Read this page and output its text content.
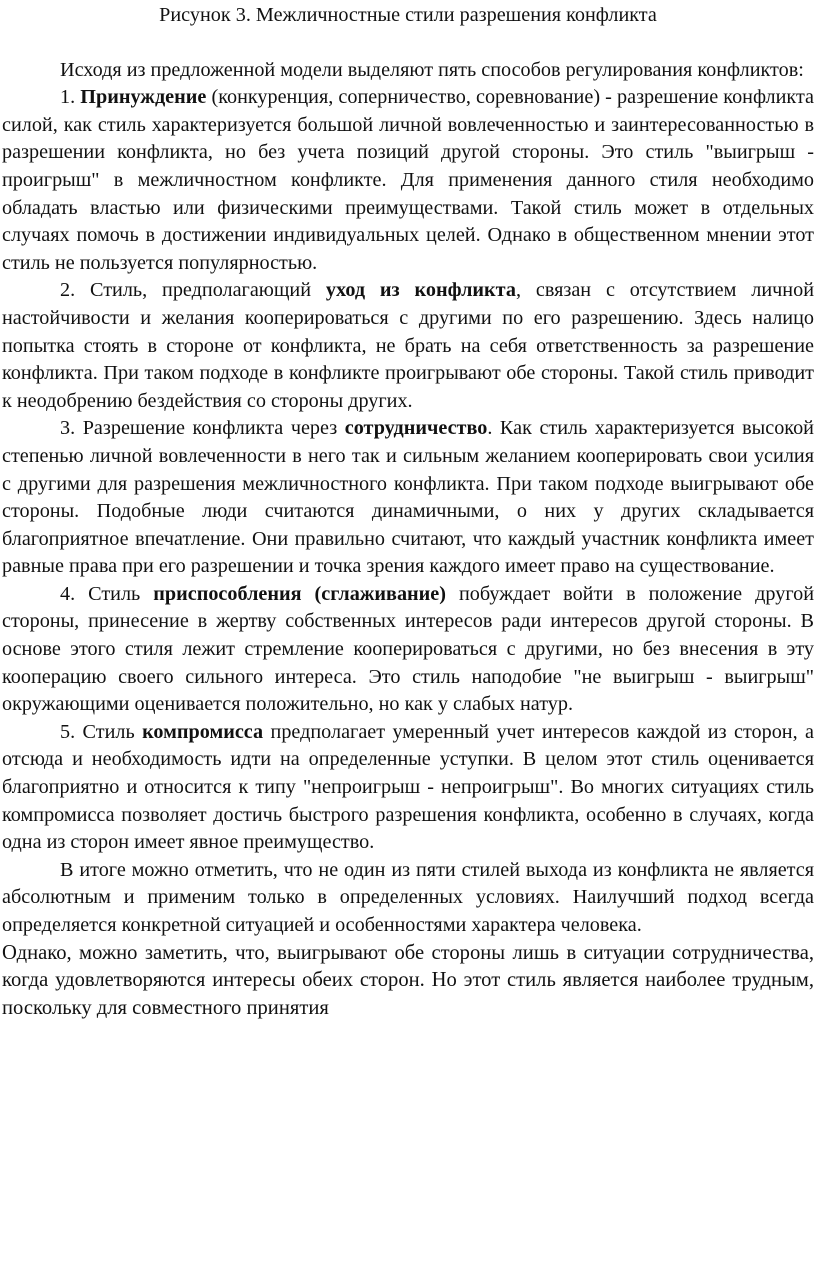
Рисунок 3. Межличностные стили разрешения конфликта

Исходя из предложенной модели выделяют пять способов регулирования конфликтов:

1. Принуждение (конкуренция, соперничество, соревнование) - разрешение конфликта силой, как стиль характеризуется большой личной вовлеченностью и заинтересованностью в разрешении конфликта, но без учета позиций другой стороны. Это стиль "выигрыш - проигрыш" в межличностном конфликте. Для применения данного стиля необходимо обладать властью или физическими преимуществами. Такой стиль может в отдельных случаях помочь в достижении индивидуальных целей. Однако в общественном мнении этот стиль не пользуется популярностью.

2. Стиль, предполагающий уход из конфликта, связан с отсутствием личной настойчивости и желания кооперироваться с другими по его разрешению. Здесь налицо попытка стоять в стороне от конфликта, не брать на себя ответственность за разрешение конфликта. При таком подходе в конфликте проигрывают обе стороны. Такой стиль приводит к неодобрению бездействия со стороны других.

3. Разрешение конфликта через сотрудничество. Как стиль характеризуется высокой степенью личной вовлеченности в него так и сильным желанием кооперировать свои усилия с другими для разрешения межличностного конфликта. При таком подходе выигрывают обе стороны. Подобные люди считаются динамичными, о них у других складывается благоприятное впечатление. Они правильно считают, что каждый участник конфликта имеет равные права при его разрешении и точка зрения каждого имеет право на существование.

4. Стиль приспособления (сглаживание) побуждает войти в положение другой стороны, принесение в жертву собственных интересов ради интересов другой стороны. В основе этого стиля лежит стремление кооперироваться с другими, но без внесения в эту кооперацию своего сильного интереса. Это стиль наподобие "не выигрыш - выигрыш" окружающими оценивается положительно, но как у слабых натур.

5. Стиль компромисса предполагает умеренный учет интересов каждой из сторон, а отсюда и необходимость идти на определенные уступки. В целом этот стиль оценивается благоприятно и относится к типу "непроигрыш - непроигрыш". Во многих ситуациях стиль компромисса позволяет достичь быстрого разрешения конфликта, особенно в случаях, когда одна из сторон имеет явное преимущество.

В итоге можно отметить, что не один из пяти стилей выхода из конфликта не является абсолютным и применим только в определенных условиях. Наилучший подход всегда определяется конкретной ситуацией и особенностями характера человека.

Однако, можно заметить, что, выигрывают обе стороны лишь в ситуации сотрудничества, когда удовлетворяются интересы обеих сторон. Но этот стиль является наиболее трудным, поскольку для совместного принятия
